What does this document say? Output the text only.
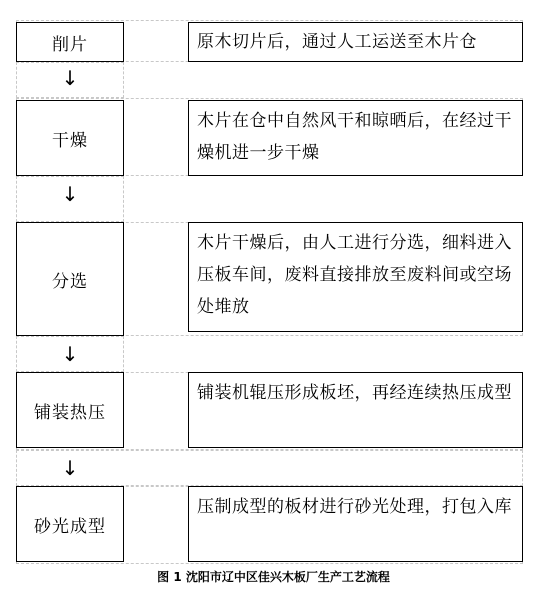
削片	原木切片后，通过人工运送至木片仓
↓
干燥
木片在仓中自然风干和晾晒后，在经过干燥机进一步干燥
↓
分选
木片干燥后，由人工进行分选，细料进入压板车间，废料直接排放至废料间或空场处堆放
↓
铺装热压
铺装机辊压形成板坯，再经连续热压成型
↓
砂光成型
压制成型的板材进行砂光处理，打包入库
图 1 沈阳市辽中区佳兴木板厂生产工艺流程
